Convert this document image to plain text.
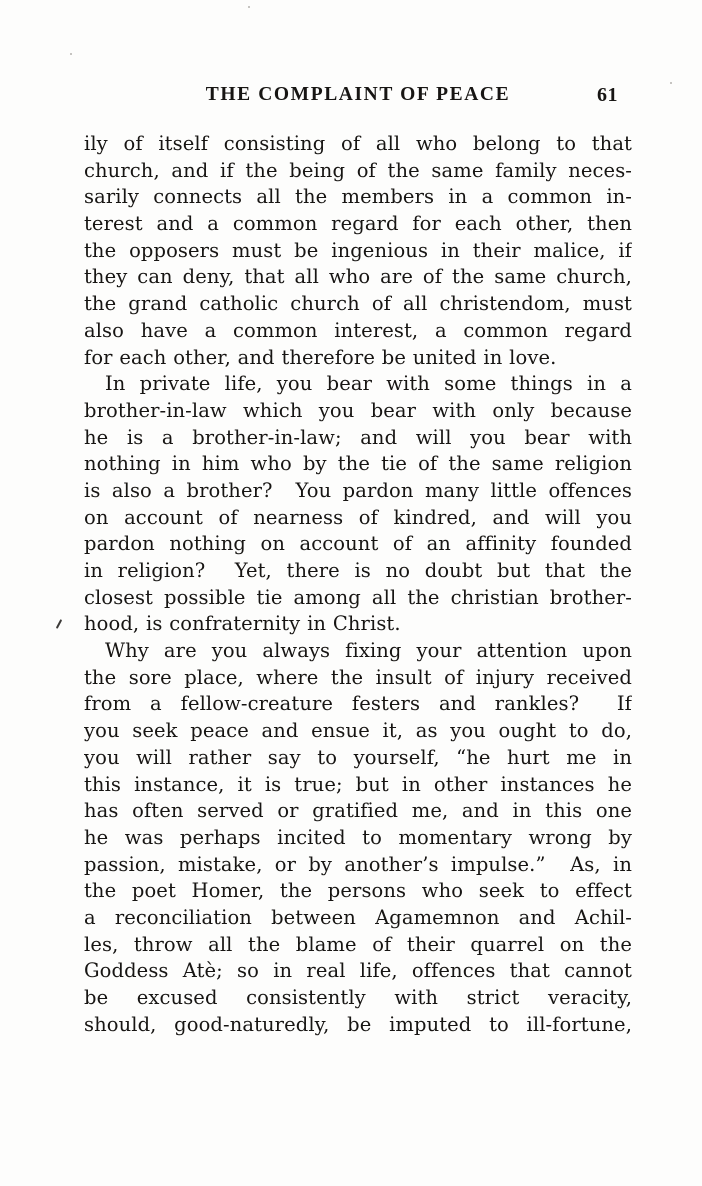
THE COMPLAINT OF PEACE	61
ily of itself consisting of all who belong to that
church, and if the being of the same family neces-
sarily connects all the members in a common in-
terest and a common regard for each other, then
the opposers must be ingenious in their malice, if
they can deny, that all who are of the same church,
the grand catholic church of all christendom, must
also have a common interest, a common regard
for each other, and therefore be united in love.
In private life, you bear with some things in a
brother-in-law which you bear with only because
he is a brother-in-law; and will you bear with
nothing in him who by the tie of the same religion
is also a brother?  You pardon many little offences
on account of nearness of kindred, and will you
pardon nothing on account of an affinity founded
in religion?  Yet, there is no doubt but that the
closest possible tie among all the christian brother-
hood, is confraternity in Christ.
Why are you always fixing your attention upon
the sore place, where the insult of injury received
from a fellow-creature festers and rankles?  If
you seek peace and ensue it, as you ought to do,
you will rather say to yourself, “he hurt me in
this instance, it is true; but in other instances he
has often served or gratified me, and in this one
he was perhaps incited to momentary wrong by
passion, mistake, or by another’s impulse.”  As, in
the poet Homer, the persons who seek to effect
a reconciliation between Agamemnon and Achil-
les, throw all the blame of their quarrel on the
Goddess Atè; so in real life, offences that cannot
be excused consistently with strict veracity,
should, good-naturedly, be imputed to ill-fortune,
